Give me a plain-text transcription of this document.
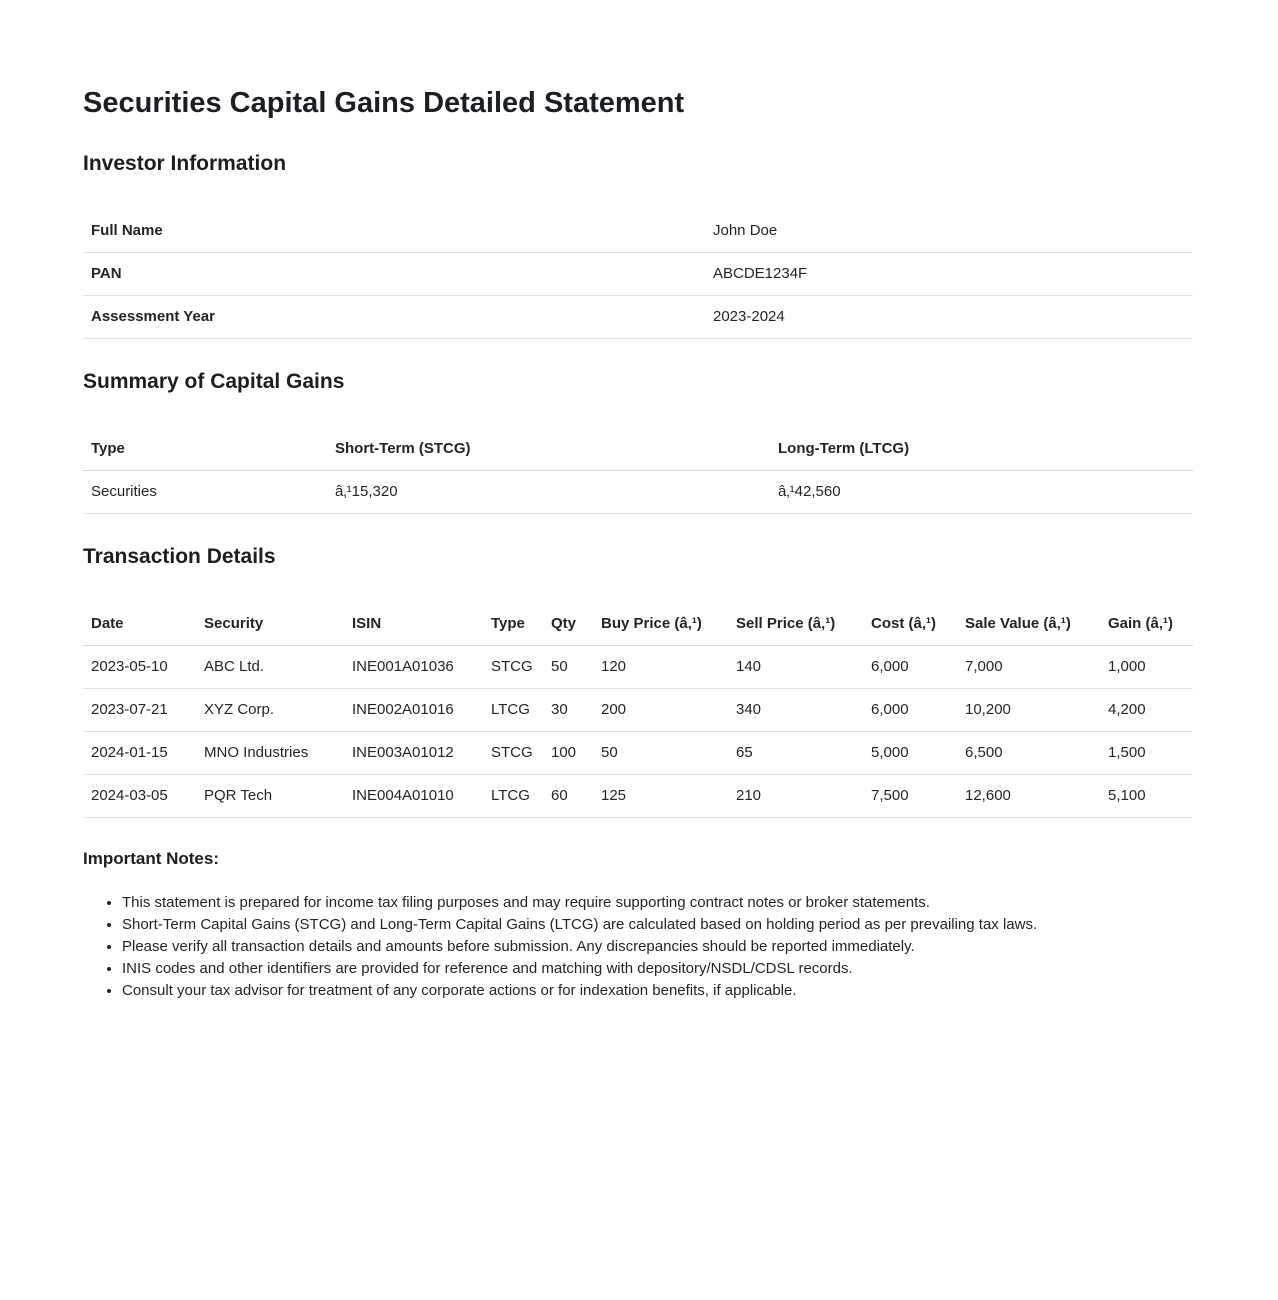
Securities Capital Gains Detailed Statement
Investor Information
Full Name	John Doe
PAN	ABCDE1234F
Assessment Year	2023-2024
Summary of Capital Gains
Type	Short-Term (STCG)	Long-Term (LTCG)
Securities	â‚¹15,320	â‚¹42,560
Transaction Details
Date	Security	ISIN	Type	Qty	Buy Price (â‚¹)	Sell Price (â‚¹)	Cost (â‚¹)	Sale Value (â‚¹)	Gain (â‚¹)
2023-05-10	ABC Ltd.	INE001A01036	STCG	50	120	140	6,000	7,000	1,000
2023-07-21	XYZ Corp.	INE002A01016	LTCG	30	200	340	6,000	10,200	4,200
2024-01-15	MNO Industries	INE003A01012	STCG	100	50	65	5,000	6,500	1,500
2024-03-05	PQR Tech	INE004A01010	LTCG	60	125	210	7,500	12,600	5,100
Important Notes:
• This statement is prepared for income tax filing purposes and may require supporting contract notes or broker statements.
• Short-Term Capital Gains (STCG) and Long-Term Capital Gains (LTCG) are calculated based on holding period as per prevailing tax laws.
• Please verify all transaction details and amounts before submission. Any discrepancies should be reported immediately.
• INIS codes and other identifiers are provided for reference and matching with depository/NSDL/CDSL records.
• Consult your tax advisor for treatment of any corporate actions or for indexation benefits, if applicable.
